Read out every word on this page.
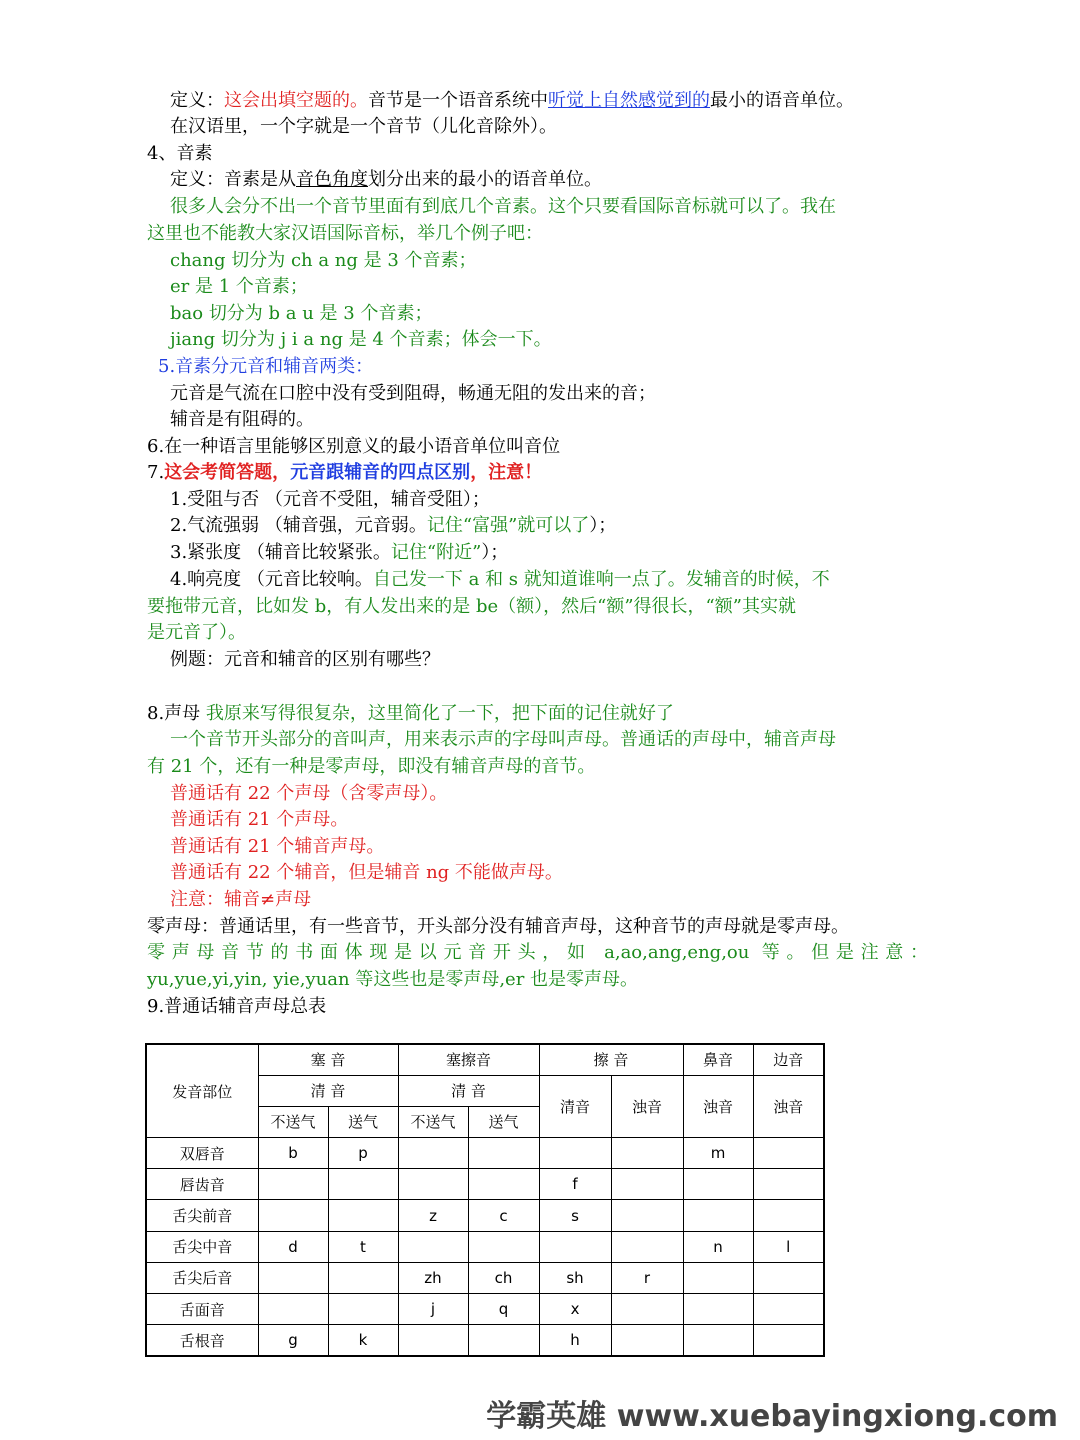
定义：这会出填空题的。音节是一个语音系统中听觉上自然感觉到的最小的语音单位。
在汉语里，一个字就是一个音节（儿化音除外）。
4、音素
定义：音素是从音色角度划分出来的最小的语音单位。
很多人会分不出一个音节里面有到底几个音素。这个只要看国际音标就可以了。我在
这里也不能教大家汉语国际音标，举几个例子吧：
chang 切分为 ch a ng 是 3 个音素；
er 是 1 个音素；
bao 切分为 b a u 是 3 个音素；
jiang 切分为 j i a ng 是 4 个音素；体会一下。
5.音素分元音和辅音两类：
元音是气流在口腔中没有受到阻碍，畅通无阻的发出来的音；
辅音是有阻碍的。
6.在一种语言里能够区别意义的最小语音单位叫音位
7.这会考简答题，元音跟辅音的四点区别，注意！
1.受阻与否 （元音不受阻，辅音受阻）；
2.气流强弱 （辅音强，元音弱。记住“富强”就可以了）；
3.紧张度 （辅音比较紧张。记住“附近”）；
4.响亮度 （元音比较响。自己发一下 a 和 s 就知道谁响一点了。发辅音的时候，不
要拖带元音，比如发 b，有人发出来的是 be（额），然后“额”得很长，“额”其实就
是元音了）。
例题：元音和辅音的区别有哪些？
8.声母 我原来写得很复杂，这里简化了一下，把下面的记住就好了
一个音节开头部分的音叫声，用来表示声的字母叫声母。普通话的声母中，辅音声母
有 21 个，还有一种是零声母，即没有辅音声母的音节。
普通话有 22 个声母（含零声母）。
普通话有 21 个声母。
普通话有 21 个辅音声母。
普通话有 22 个辅音，但是辅音 ng 不能做声母。
注意：辅音≠声母
零声母：普通话里，有一些音节，开头部分没有辅音声母，这种音节的声母就是零声母。
零声母音节的书面体现是以元音开头，如 a,ao,ang,eng,ou 等。但是注意：
yu,yue,yi,yin, yie,yuan 等这些也是零声母,er 也是零声母。
9.普通话辅音声母总表
发音部位	塞 音		塞擦音		擦 音		鼻音	边音
	清 音		清 音		清音	浊音	浊音	浊音
	不送气	送气	不送气	送气				
双唇音	b	p					m	
唇齿音					f			
舌尖前音			z	c	s			
舌尖中音	d	t					n	l
舌尖后音			zh	ch	sh	r		
舌面音			j	q	x			
舌根音	g	k			h			
学霸英雄 www.xuebayingxiong.com
